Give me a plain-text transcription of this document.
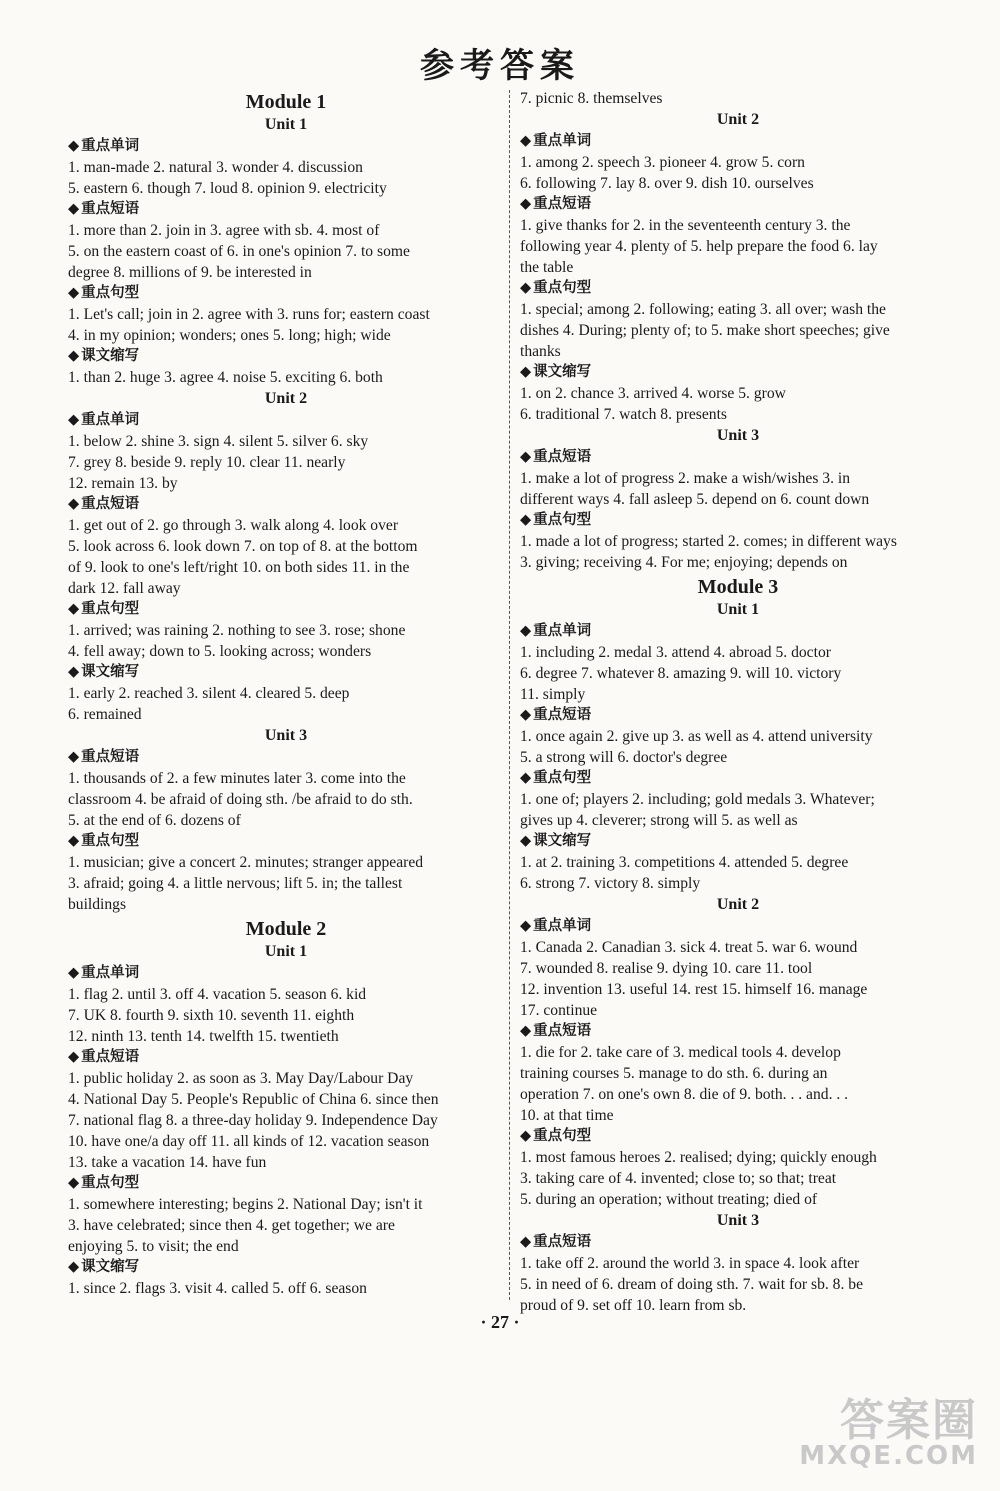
参考答案
Module 1
Unit 1
◆ 重点单词
1. man-made 2. natural 3. wonder 4. discussion
5. eastern 6. though 7. loud 8. opinion 9. electricity
◆ 重点短语
1. more than 2. join in 3. agree with sb. 4. most of
5. on the eastern coast of 6. in one's opinion 7. to some
degree 8. millions of 9. be interested in
◆ 重点句型
1. Let's call; join in 2. agree with 3. runs for; eastern coast
4. in my opinion; wonders; ones 5. long; high; wide
◆ 课文缩写
1. than 2. huge 3. agree 4. noise 5. exciting 6. both
Unit 2
◆ 重点单词
1. below 2. shine 3. sign 4. silent 5. silver 6. sky
7. grey 8. beside 9. reply 10. clear 11. nearly
12. remain 13. by
◆ 重点短语
1. get out of 2. go through 3. walk along 4. look over
5. look across 6. look down 7. on top of 8. at the bottom
of 9. look to one's left/right 10. on both sides 11. in the
dark 12. fall away
◆ 重点句型
1. arrived; was raining 2. nothing to see 3. rose; shone
4. fell away; down to 5. looking across; wonders
◆ 课文缩写
1. early 2. reached 3. silent 4. cleared 5. deep
6. remained
Unit 3
◆ 重点短语
1. thousands of 2. a few minutes later 3. come into the
classroom 4. be afraid of doing sth. /be afraid to do sth.
5. at the end of 6. dozens of
◆ 重点句型
1. musician; give a concert 2. minutes; stranger appeared
3. afraid; going 4. a little nervous; lift 5. in; the tallest
buildings
Module 2
Unit 1
◆ 重点单词
1. flag 2. until 3. off 4. vacation 5. season 6. kid
7. UK 8. fourth 9. sixth 10. seventh 11. eighth
12. ninth 13. tenth 14. twelfth 15. twentieth
◆ 重点短语
1. public holiday 2. as soon as 3. May Day/Labour Day
4. National Day 5. People's Republic of China 6. since then
7. national flag 8. a three-day holiday 9. Independence Day
10. have one/a day off 11. all kinds of 12. vacation season
13. take a vacation 14. have fun
◆ 重点句型
1. somewhere interesting; begins 2. National Day; isn't it
3. have celebrated; since then 4. get together; we are
enjoying 5. to visit; the end
◆ 课文缩写
1. since 2. flags 3. visit 4. called 5. off 6. season
7. picnic 8. themselves
Unit 2
◆ 重点单词
1. among 2. speech 3. pioneer 4. grow 5. corn
6. following 7. lay 8. over 9. dish 10. ourselves
◆ 重点短语
1. give thanks for 2. in the seventeenth century 3. the
following year 4. plenty of 5. help prepare the food 6. lay
the table
◆ 重点句型
1. special; among 2. following; eating 3. all over; wash the
dishes 4. During; plenty of; to 5. make short speeches; give
thanks
◆ 课文缩写
1. on 2. chance 3. arrived 4. worse 5. grow
6. traditional 7. watch 8. presents
Unit 3
◆ 重点短语
1. make a lot of progress 2. make a wish/wishes 3. in
different ways 4. fall asleep 5. depend on 6. count down
◆ 重点句型
1. made a lot of progress; started 2. comes; in different ways
3. giving; receiving 4. For me; enjoying; depends on
Module 3
Unit 1
◆ 重点单词
1. including 2. medal 3. attend 4. abroad 5. doctor
6. degree 7. whatever 8. amazing 9. will 10. victory
11. simply
◆ 重点短语
1. once again 2. give up 3. as well as 4. attend university
5. a strong will 6. doctor's degree
◆ 重点句型
1. one of; players 2. including; gold medals 3. Whatever;
gives up 4. cleverer; strong will 5. as well as
◆ 课文缩写
1. at 2. training 3. competitions 4. attended 5. degree
6. strong 7. victory 8. simply
Unit 2
◆ 重点单词
1. Canada 2. Canadian 3. sick 4. treat 5. war 6. wound
7. wounded 8. realise 9. dying 10. care 11. tool
12. invention 13. useful 14. rest 15. himself 16. manage
17. continue
◆ 重点短语
1. die for 2. take care of 3. medical tools 4. develop
training courses 5. manage to do sth. 6. during an
operation 7. on one's own 8. die of 9. both. . . and. . .
10. at that time
◆ 重点句型
1. most famous heroes 2. realised; dying; quickly enough
3. taking care of 4. invented; close to; so that; treat
5. during an operation; without treating; died of
Unit 3
◆ 重点短语
1. take off 2. around the world 3. in space 4. look after
5. in need of 6. dream of doing sth. 7. wait for sb. 8. be
proud of 9. set off 10. learn from sb.
· 27 ·
答案圈
MXQE.COM
